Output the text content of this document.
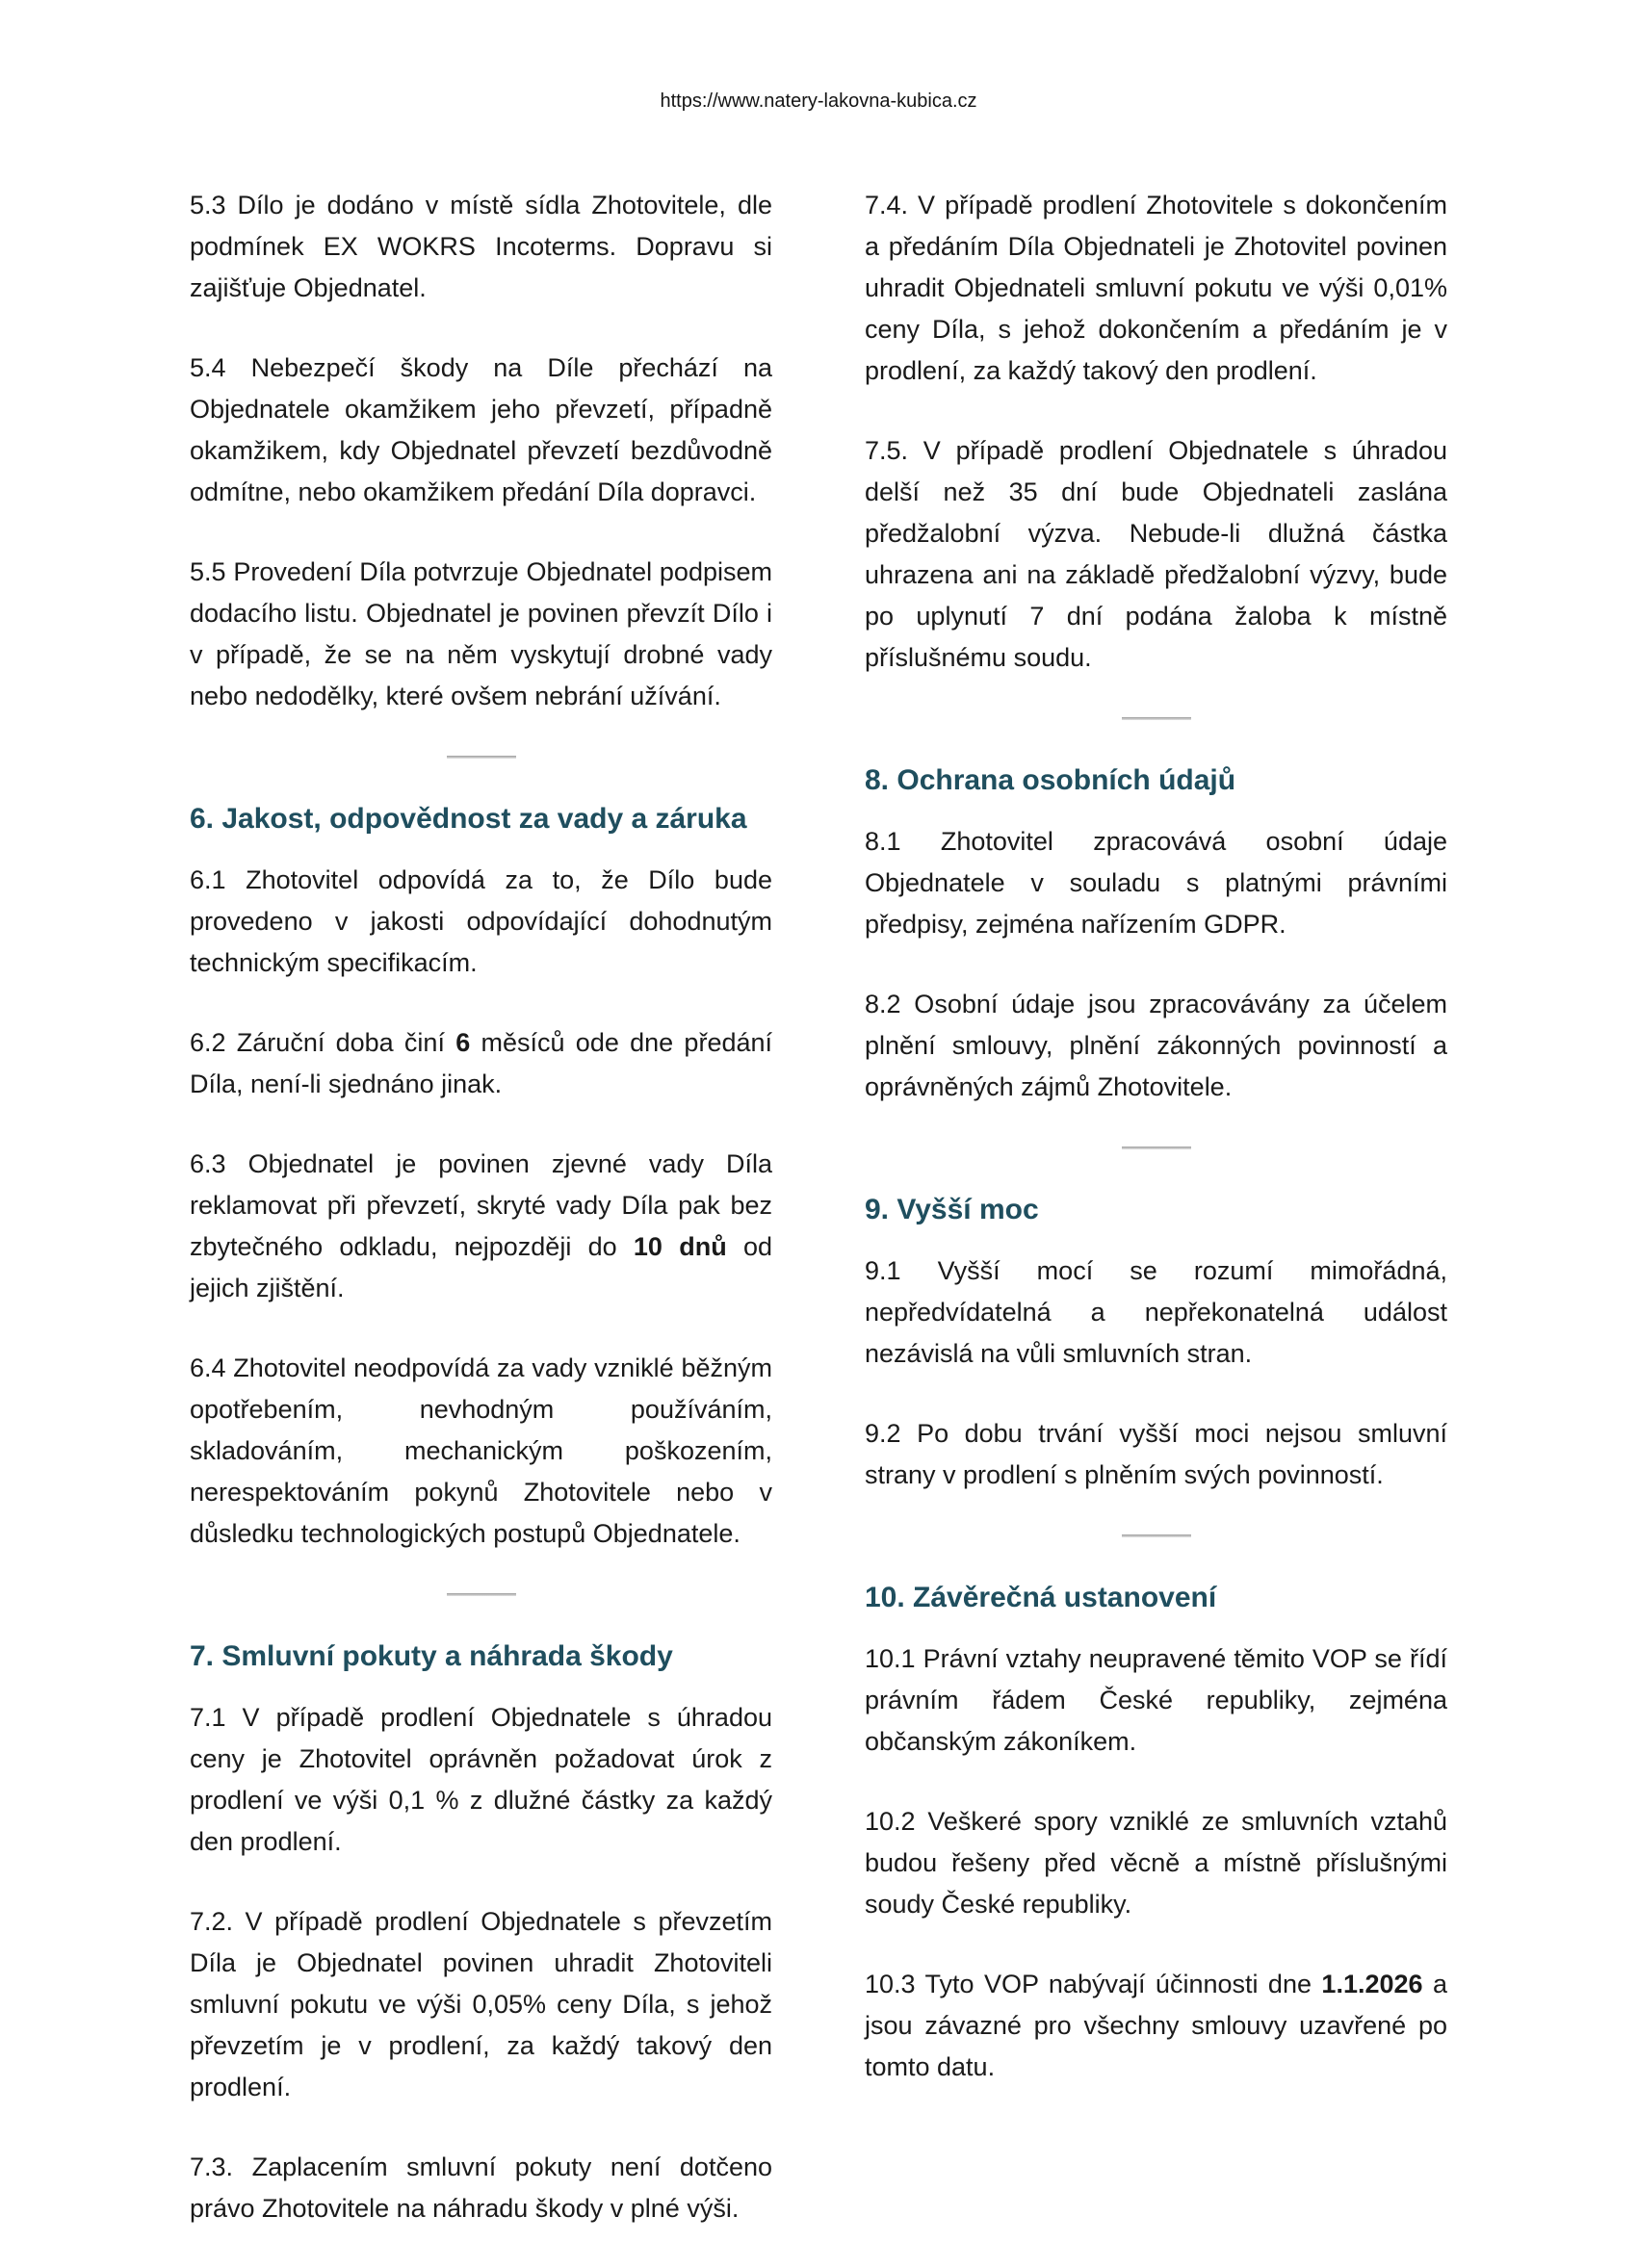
https://www.natery-lakovna-kubica.cz

5.3 Dílo je dodáno v místě sídla Zhotovitele, dle podmínek EX WOKRS Incoterms. Dopravu si zajišťuje Objednatel.

5.4 Nebezpečí škody na Díle přechází na Objednatele okamžikem jeho převzetí, případně okamžikem, kdy Objednatel převzetí bezdůvodně odmítne, nebo okamžikem předání Díla dopravci.

5.5 Provedení Díla potvrzuje Objednatel podpisem dodacího listu. Objednatel je povinen převzít Dílo i v případě, že se na něm vyskytují drobné vady nebo nedodělky, které ovšem nebrání užívání.

6. Jakost, odpovědnost za vady a záruka

6.1 Zhotovitel odpovídá za to, že Dílo bude provedeno v jakosti odpovídající dohodnutým technickým specifikacím.

6.2 Záruční doba činí 6 měsíců ode dne předání Díla, není-li sjednáno jinak.

6.3 Objednatel je povinen zjevné vady Díla reklamovat při převzetí, skryté vady Díla pak bez zbytečného odkladu, nejpozději do 10 dnů od jejich zjištění.

6.4 Zhotovitel neodpovídá za vady vzniklé běžným opotřebením, nevhodným používáním, skladováním, mechanickým poškozením, nerespektováním pokynů Zhotovitele nebo v důsledku technologických postupů Objednatele.

7. Smluvní pokuty a náhrada škody

7.1 V případě prodlení Objednatele s úhradou ceny je Zhotovitel oprávněn požadovat úrok z prodlení ve výši 0,1 % z dlužné částky za každý den prodlení.

7.2. V případě prodlení Objednatele s převzetím Díla je Objednatel povinen uhradit Zhotoviteli smluvní pokutu ve výši 0,05% ceny Díla, s jehož převzetím je v prodlení, za každý takový den prodlení.

7.3. Zaplacením smluvní pokuty není dotčeno právo Zhotovitele na náhradu škody v plné výši.

7.4. V případě prodlení Zhotovitele s dokončením a předáním Díla Objednateli je Zhotovitel povinen uhradit Objednateli smluvní pokutu ve výši 0,01% ceny Díla, s jehož dokončením a předáním je v prodlení, za každý takový den prodlení.

7.5. V případě prodlení Objednatele s úhradou delší než 35 dní bude Objednateli zaslána předžalobní výzva. Nebude-li dlužná částka uhrazena ani na základě předžalobní výzvy, bude po uplynutí 7 dní podána žaloba k místně příslušnému soudu.

8. Ochrana osobních údajů

8.1 Zhotovitel zpracovává osobní údaje Objednatele v souladu s platnými právními předpisy, zejména nařízením GDPR.

8.2 Osobní údaje jsou zpracovávány za účelem plnění smlouvy, plnění zákonných povinností a oprávněných zájmů Zhotovitele.

9. Vyšší moc

9.1 Vyšší mocí se rozumí mimořádná, nepředvídatelná a nepřekonatelná událost nezávislá na vůli smluvních stran.

9.2 Po dobu trvání vyšší moci nejsou smluvní strany v prodlení s plněním svých povinností.

10. Závěrečná ustanovení

10.1 Právní vztahy neupravené těmito VOP se řídí právním řádem České republiky, zejména občanským zákoníkem.

10.2 Veškeré spory vzniklé ze smluvních vztahů budou řešeny před věcně a místně příslušnými soudy České republiky.

10.3 Tyto VOP nabývají účinnosti dne 1.1.2026 a jsou závazné pro všechny smlouvy uzavřené po tomto datu.
